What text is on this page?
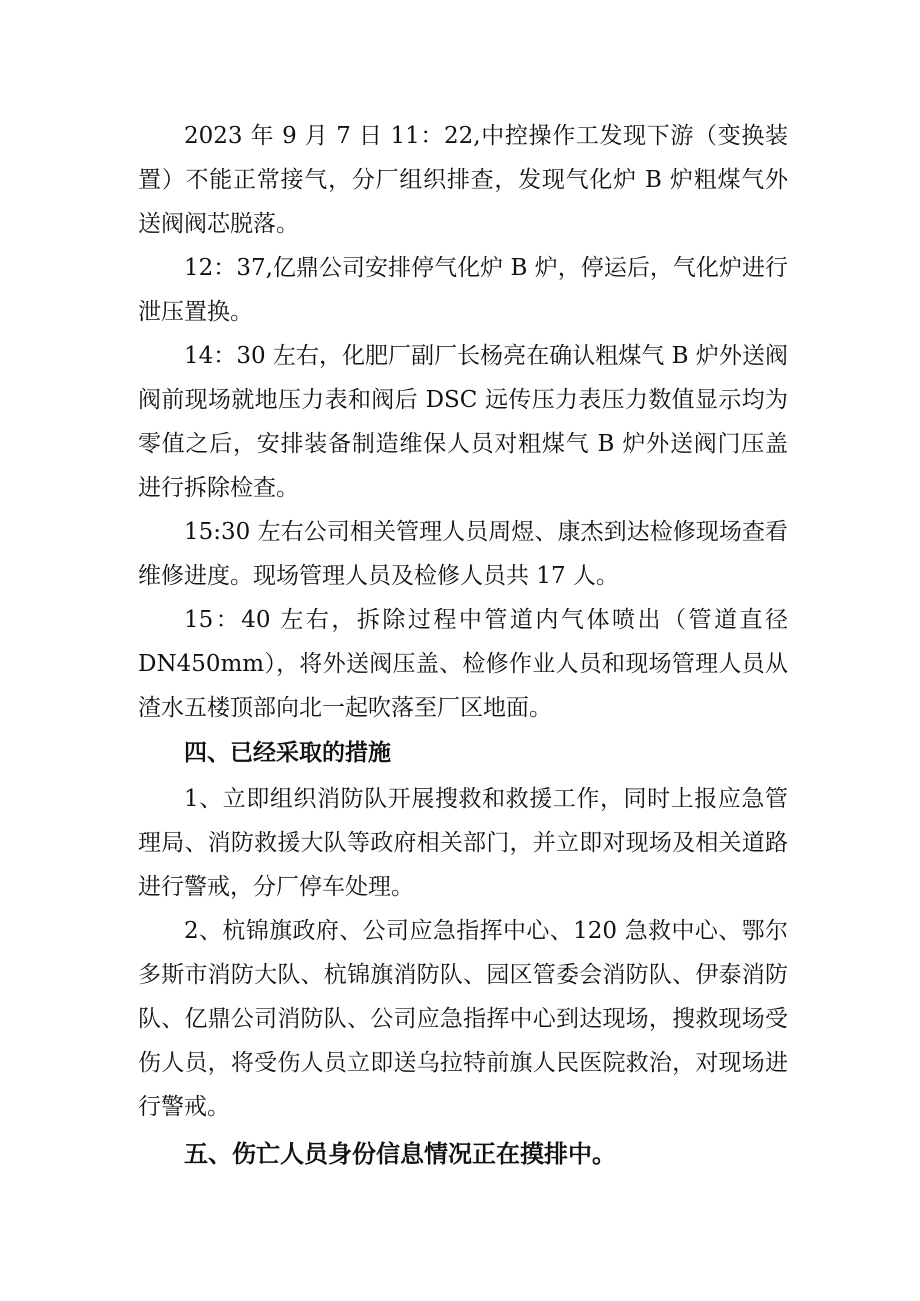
2023 年 9 月 7 日 11：22,中控操作工发现下游（变换装置）不能正常接气，分厂组织排查，发现气化炉 B 炉粗煤气外送阀阀芯脱落。

12：37,亿鼎公司安排停气化炉 B 炉，停运后，气化炉进行泄压置换。

14：30 左右，化肥厂副厂长杨亮在确认粗煤气 B 炉外送阀阀前现场就地压力表和阀后 DSC 远传压力表压力数值显示均为零值之后，安排装备制造维保人员对粗煤气 B 炉外送阀门压盖进行拆除检查。

15:30 左右公司相关管理人员周煜、康杰到达检修现场查看维修进度。现场管理人员及检修人员共 17 人。

15：40 左右，拆除过程中管道内气体喷出（管道直径 DN450mm），将外送阀压盖、检修作业人员和现场管理人员从渣水五楼顶部向北一起吹落至厂区地面。

四、已经采取的措施

1、立即组织消防队开展搜救和救援工作，同时上报应急管理局、消防救援大队等政府相关部门，并立即对现场及相关道路进行警戒，分厂停车处理。

2、杭锦旗政府、公司应急指挥中心、120 急救中心、鄂尔多斯市消防大队、杭锦旗消防队、园区管委会消防队、伊泰消防队、亿鼎公司消防队、公司应急指挥中心到达现场，搜救现场受伤人员，将受伤人员立即送乌拉特前旗人民医院救治，对现场进行警戒。

五、伤亡人员身份信息情况正在摸排中。
